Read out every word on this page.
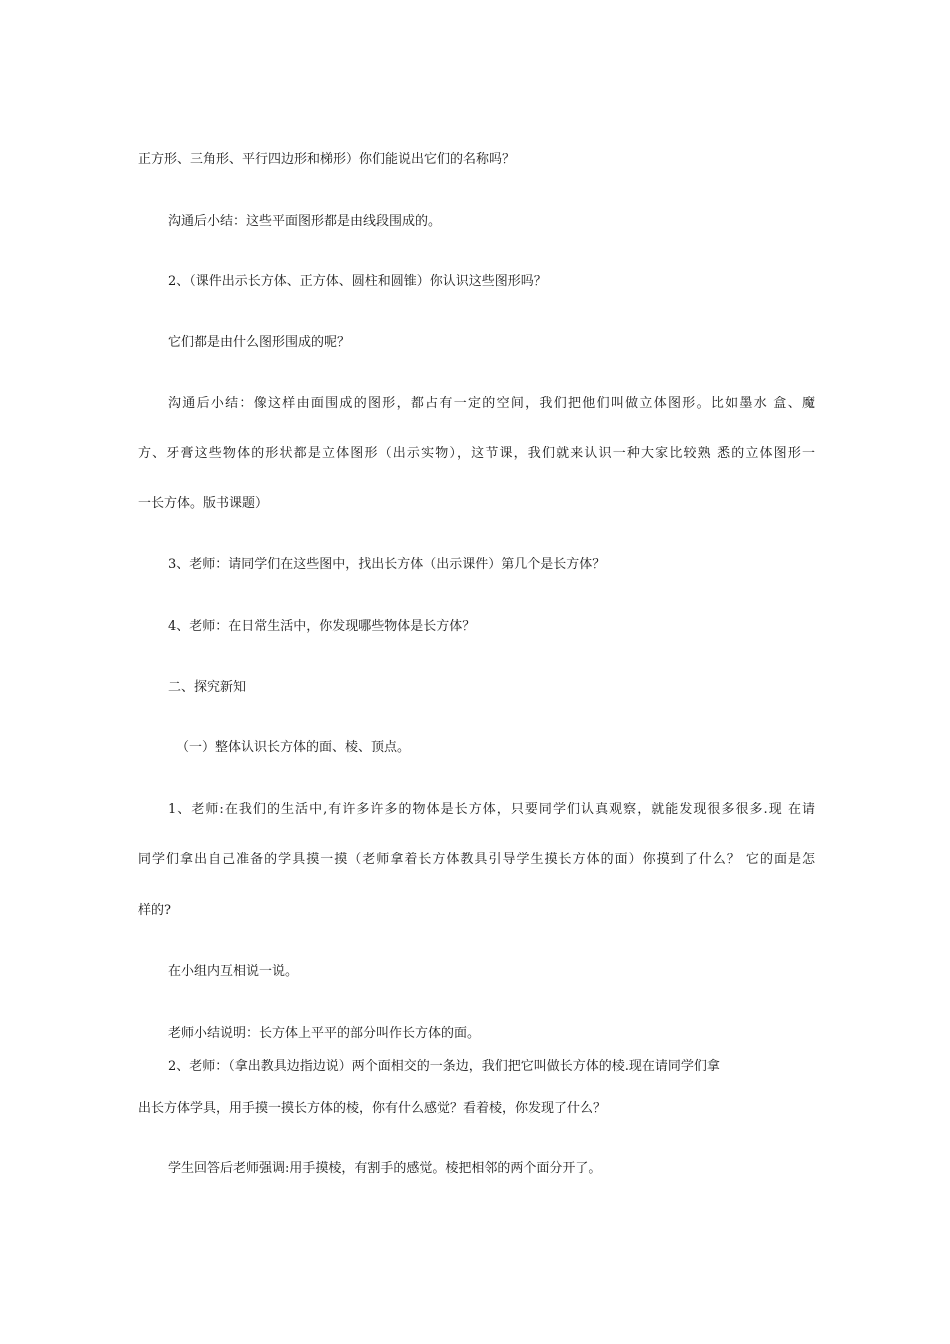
正方形、三角形、平行四边形和梯形）你们能说出它们的名称吗？

沟通后小结：这些平面图形都是由线段围成的。

2、（课件出示长方体、正方体、圆柱和圆锥）你认识这些图形吗？

它们都是由什么图形围成的呢？

沟通后小结：像这样由面围成的图形，都占有一定的空间，我们把他们叫做立体图形。比如墨水 盒、魔

方、牙膏这些物体的形状都是立体图形（出示实物），这节课，我们就来认识一种大家比较熟 悉的立体图形一

一长方体。版书课题）

3、老师：请同学们在这些图中，找出长方体（出示课件）第几个是长方体？

4、老师：在日常生活中，你发现哪些物体是长方体？

二、探究新知

（一）整体认识长方体的面、棱、顶点。

1、老师:在我们的生活中,有许多许多的物体是长方体，只要同学们认真观察，就能发现很多很多.现 在请

同学们拿出自己准备的学具摸一摸（老师拿着长方体教具引导学生摸长方体的面）你摸到了什么？ 它的面是怎

样的?

在小组内互相说一说。

老师小结说明：长方体上平平的部分叫作长方体的面。

2、老师：（拿出教具边指边说）两个面相交的一条边，我们把它叫做长方体的棱.现在请同学们拿

出长方体学具，用手摸一摸长方体的棱，你有什么感觉？看着棱，你发现了什么？

学生回答后老师强调:用手摸棱，有割手的感觉。棱把相邻的两个面分开了。
